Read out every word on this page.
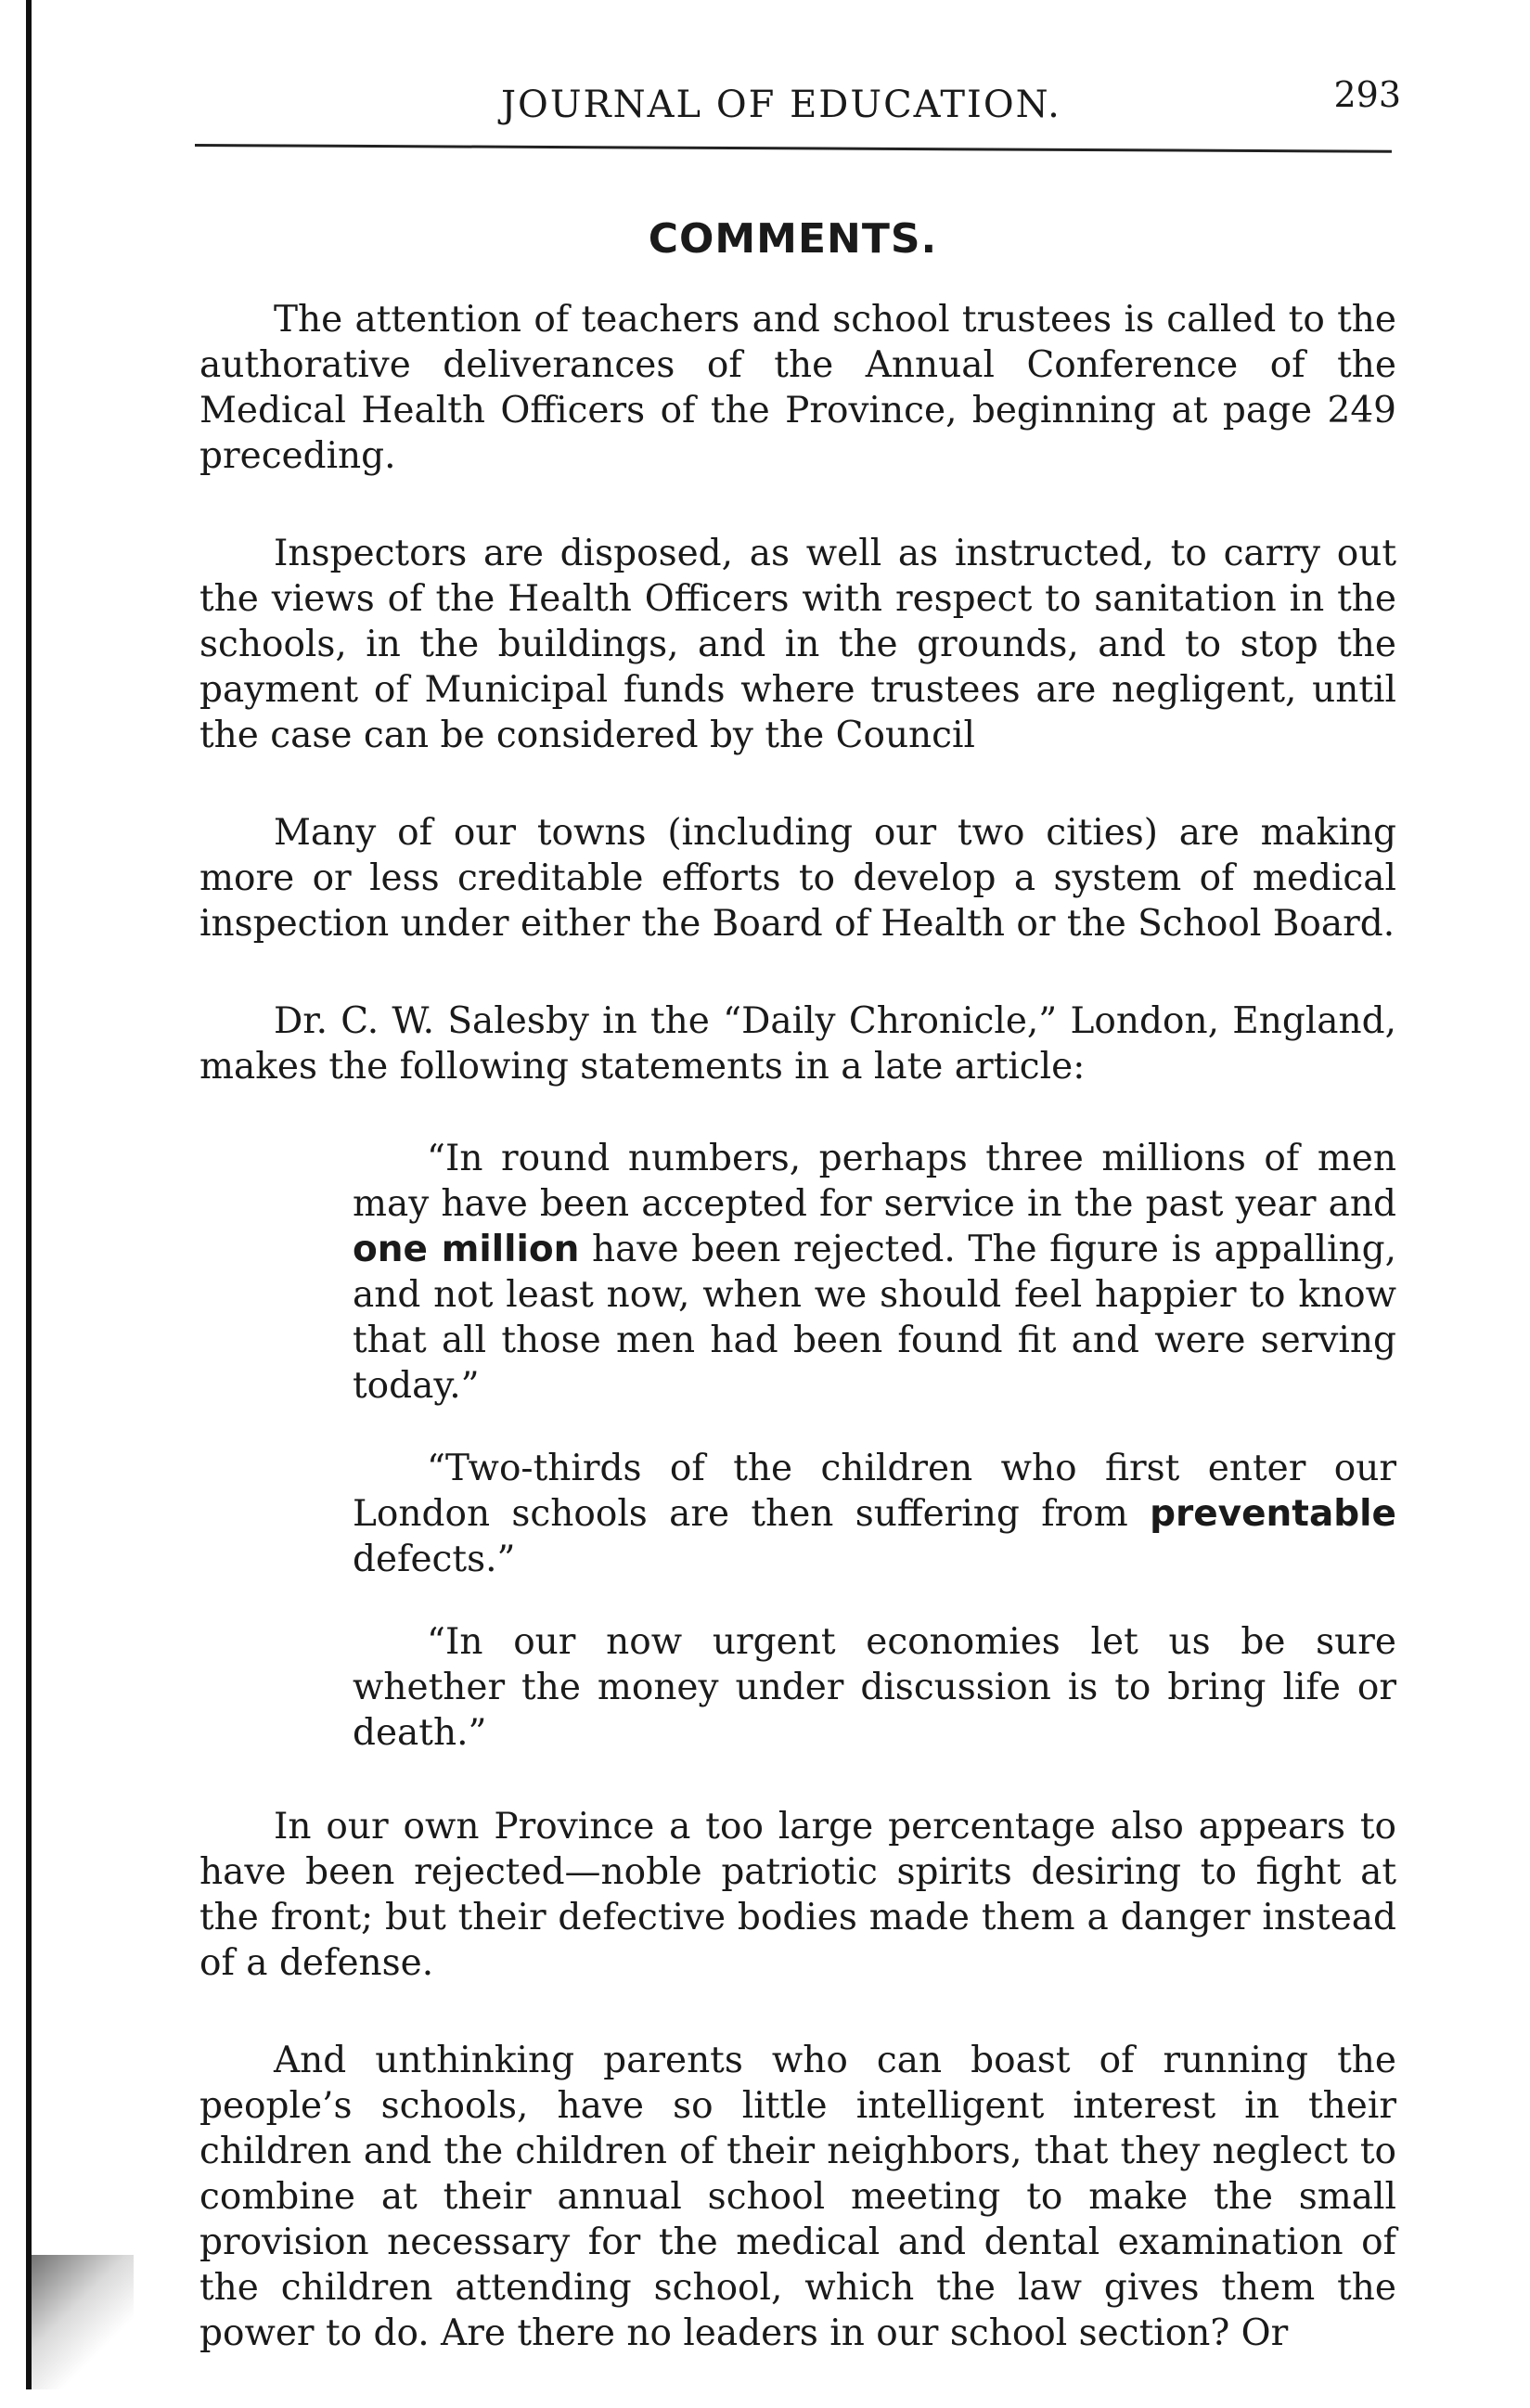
JOURNAL OF EDUCATION.	293
COMMENTS.

The attention of teachers and school trustees is called to the authorative deliverances of the Annual Conference of the Medical Health Officers of the Province, beginning at page 249 preceding.

Inspectors are disposed, as well as instructed, to carry out the views of the Health Officers with respect to sanitation in the schools, in the buildings, and in the grounds, and to stop the payment of Municipal funds where trustees are negligent, until the case can be considered by the Council

Many of our towns (including our two cities) are making more or less creditable efforts to develop a system of medical inspection under either the Board of Health or the School Board.

Dr. C. W. Salesby in the “Daily Chronicle,” London, England, makes the following statements in a late article:

“In round numbers, perhaps three millions of men may have been accepted for service in the past year and one million have been rejected. The figure is appalling, and not least now, when we should feel happier to know that all those men had been found fit and were serving today.”

“Two-thirds of the children who first enter our London schools are then suffering from preventable defects.”

“In our now urgent economies let us be sure whether the money under discussion is to bring life or death.”

In our own Province a too large percentage also appears to have been rejected—noble patriotic spirits desiring to fight at the front; but their defective bodies made them a danger instead of a defense.

And unthinking parents who can boast of running the people’s schools, have so little intelligent interest in their children and the children of their neighbors, that they neglect to combine at their annual school meeting to make the small provision necessary for the medical and dental examination of the children attending school, which the law gives them the power to do. Are there no leaders in our school section? Or
